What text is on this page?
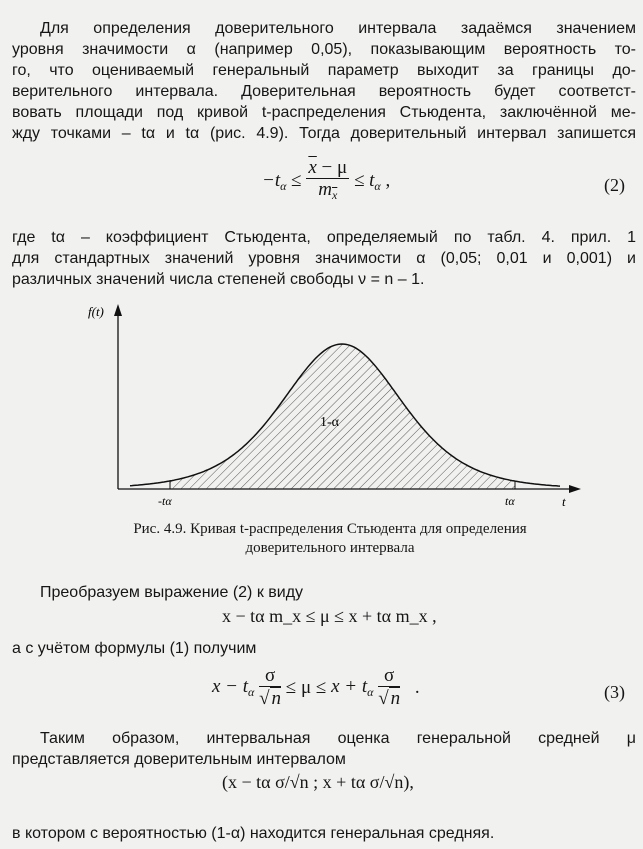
Для определения доверительного интервала задаёмся значением
уровня значимости α (например 0,05), показывающим вероятность то-
го, что оцениваемый генеральный параметр выходит за границы до-
верительного интервала. Доверительная вероятность будет соответст-
вовать площади под кривой t-распределения Стьюдента, заключённой ме-
жду точками – tα и tα (рис. 4.9). Тогда доверительный интервал запишется
$-t_\alpha \le \frac{\overline{x} - \mu}{m_{\overline{x}}} \le t_\alpha$ ,	(2)
где tα – коэффициент Стьюдента, определяемый по табл. 4. прил. 1
для стандартных значений уровня значимости α (0,05; 0,01 и 0,001) и
различных значений числа степеней свободы ν = n – 1.
f(t)
t
1-α
-tα	tα
Рис. 4.9. Кривая t-распределения Стьюдента для определения
доверительного интервала
Преобразуем выражение (2) к виду
x − tα m_x ≤ μ ≤ x + tα m_x ,
а с учётом формулы (1) получим
$x - t_\alpha \frac{\sigma}{√ n} \le \mu \le x + t_\alpha \frac{\sigma}{√ n}$ .	(3)
Таким образом, интервальная оценка генеральной средней μ
представляется доверительным интервалом
(x − tα σ/√n ; x + tα σ/√n),
в котором с вероятностью (1-α) находится генеральная средняя.
